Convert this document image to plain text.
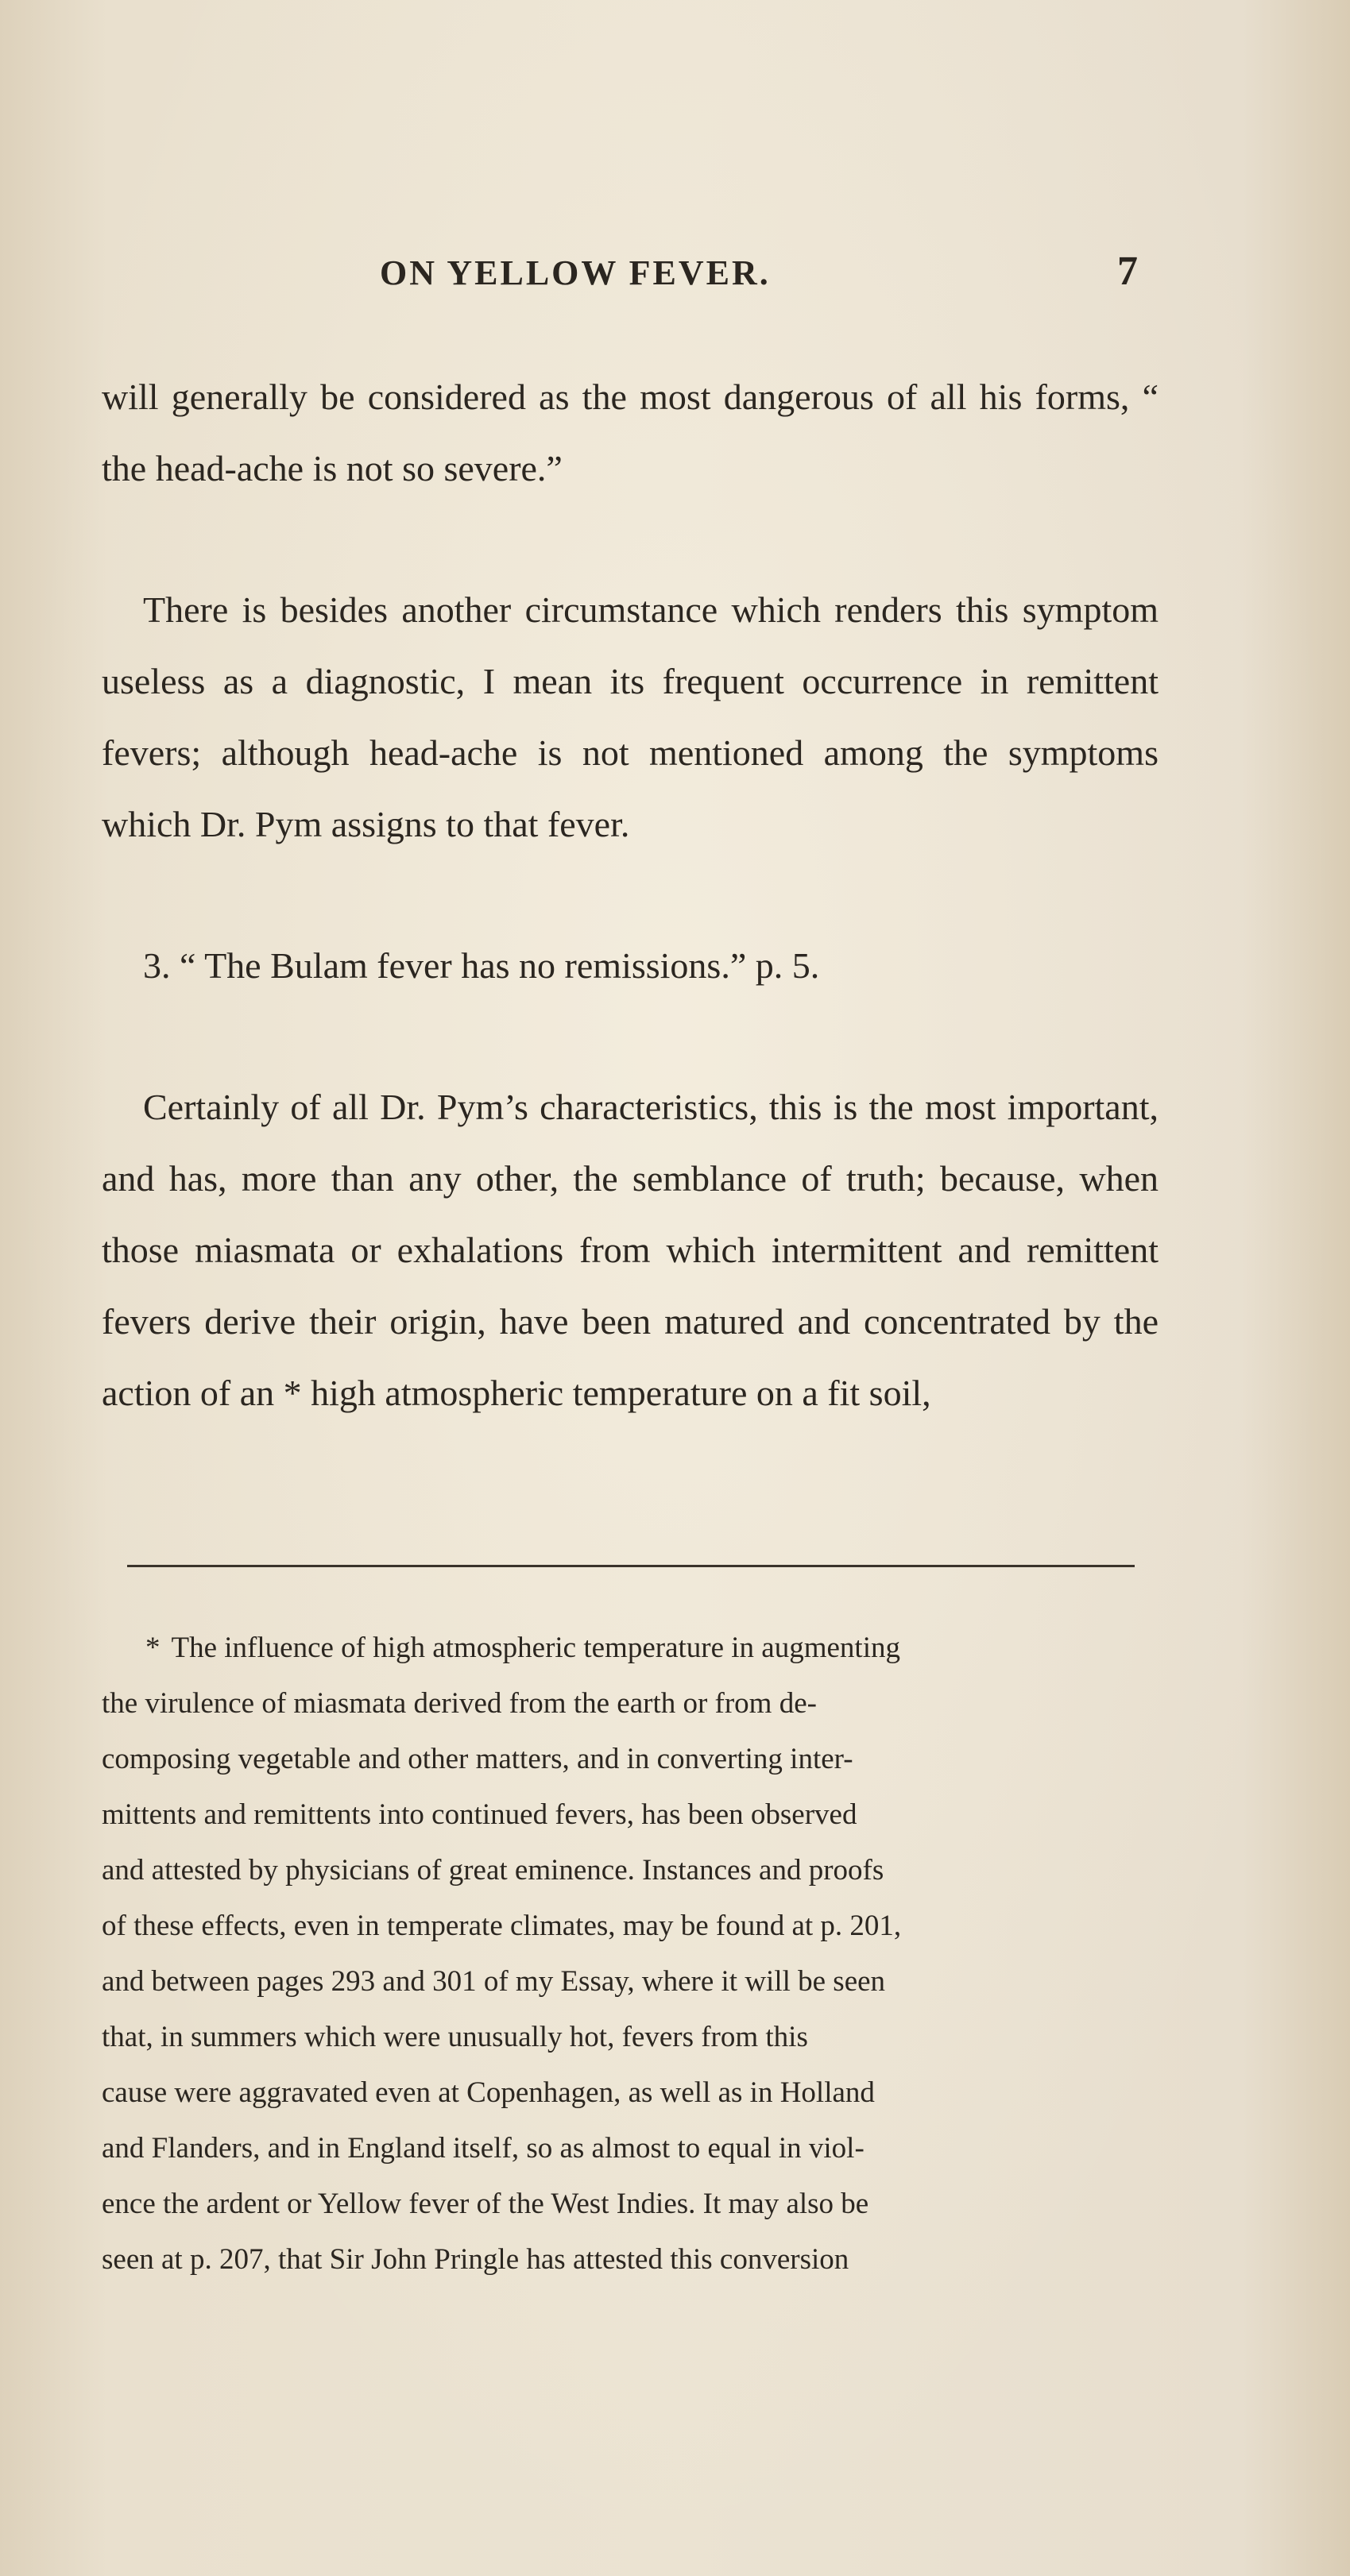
ON YELLOW FEVER.	7
will generally be considered as the most dangerous of all his forms, “ the head-ache is not so severe.”
There is besides another circumstance which renders this symptom useless as a diagnostic, I mean its frequent occurrence in remittent fevers; although head-ache is not mentioned among the symptoms which Dr. Pym assigns to that fever.
3. “ The Bulam fever has no remissions.” p. 5.
Certainly of all Dr. Pym’s characteristics, this is the most important, and has, more than any other, the semblance of truth; because, when those miasmata or exhalations from which intermittent and remittent fevers derive their origin, have been matured and concentrated by the action of an * high atmospheric temperature on a fit soil,
* The influence of high atmospheric temperature in augmenting
the virulence of miasmata derived from the earth or from de-
composing vegetable and other matters, and in converting inter-
mittents and remittents into continued fevers, has been observed
and attested by physicians of great eminence. Instances and proofs
of these effects, even in temperate climates, may be found at p. 201,
and between pages 293 and 301 of my Essay, where it will be seen
that, in summers which were unusually hot, fevers from this
cause were aggravated even at Copenhagen, as well as in Holland
and Flanders, and in England itself, so as almost to equal in viol-
ence the ardent or Yellow fever of the West Indies. It may also be
seen at p. 207, that Sir John Pringle has attested this conversion
